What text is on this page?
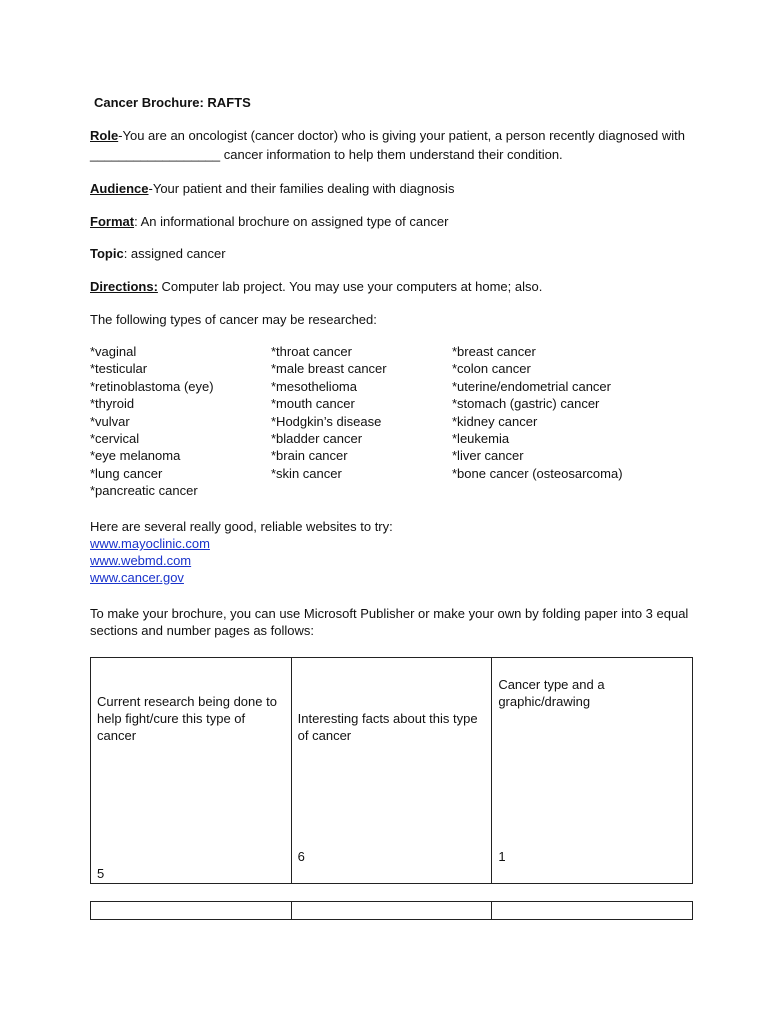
Cancer Brochure: RAFTS

Role-You are an oncologist (cancer doctor) who is giving your patient, a person recently diagnosed with

__________________ cancer information to help them understand their condition.

Audience-Your patient and their families dealing with diagnosis

Format: An informational brochure on assigned type of cancer

Topic: assigned cancer

Directions: Computer lab project. You may use your computers at home; also.

The following types of cancer may be researched:

*vaginal
*testicular
*retinoblastoma (eye)
*thyroid
*vulvar
*cervical
*eye melanoma
*lung cancer
*pancreatic cancer
*throat cancer
*male breast cancer
*mesothelioma
*mouth cancer
*Hodgkin’s disease
*bladder cancer
*brain cancer
*skin cancer
*breast cancer
*colon cancer
*uterine/endometrial cancer
*stomach (gastric) cancer
*kidney cancer
*leukemia
*liver cancer
*bone cancer (osteosarcoma)

Here are several really good, reliable websites to try:

www.mayoclinic.com
www.webmd.com
www.cancer.gov

To make your brochure, you can use Microsoft Publisher or make your own by folding paper into 3 equal

sections and number pages as follows:

Current research being done to help fight/cure this type of cancer
5

Interesting facts about this type of cancer
6

Cancer type and a graphic/drawing
1
